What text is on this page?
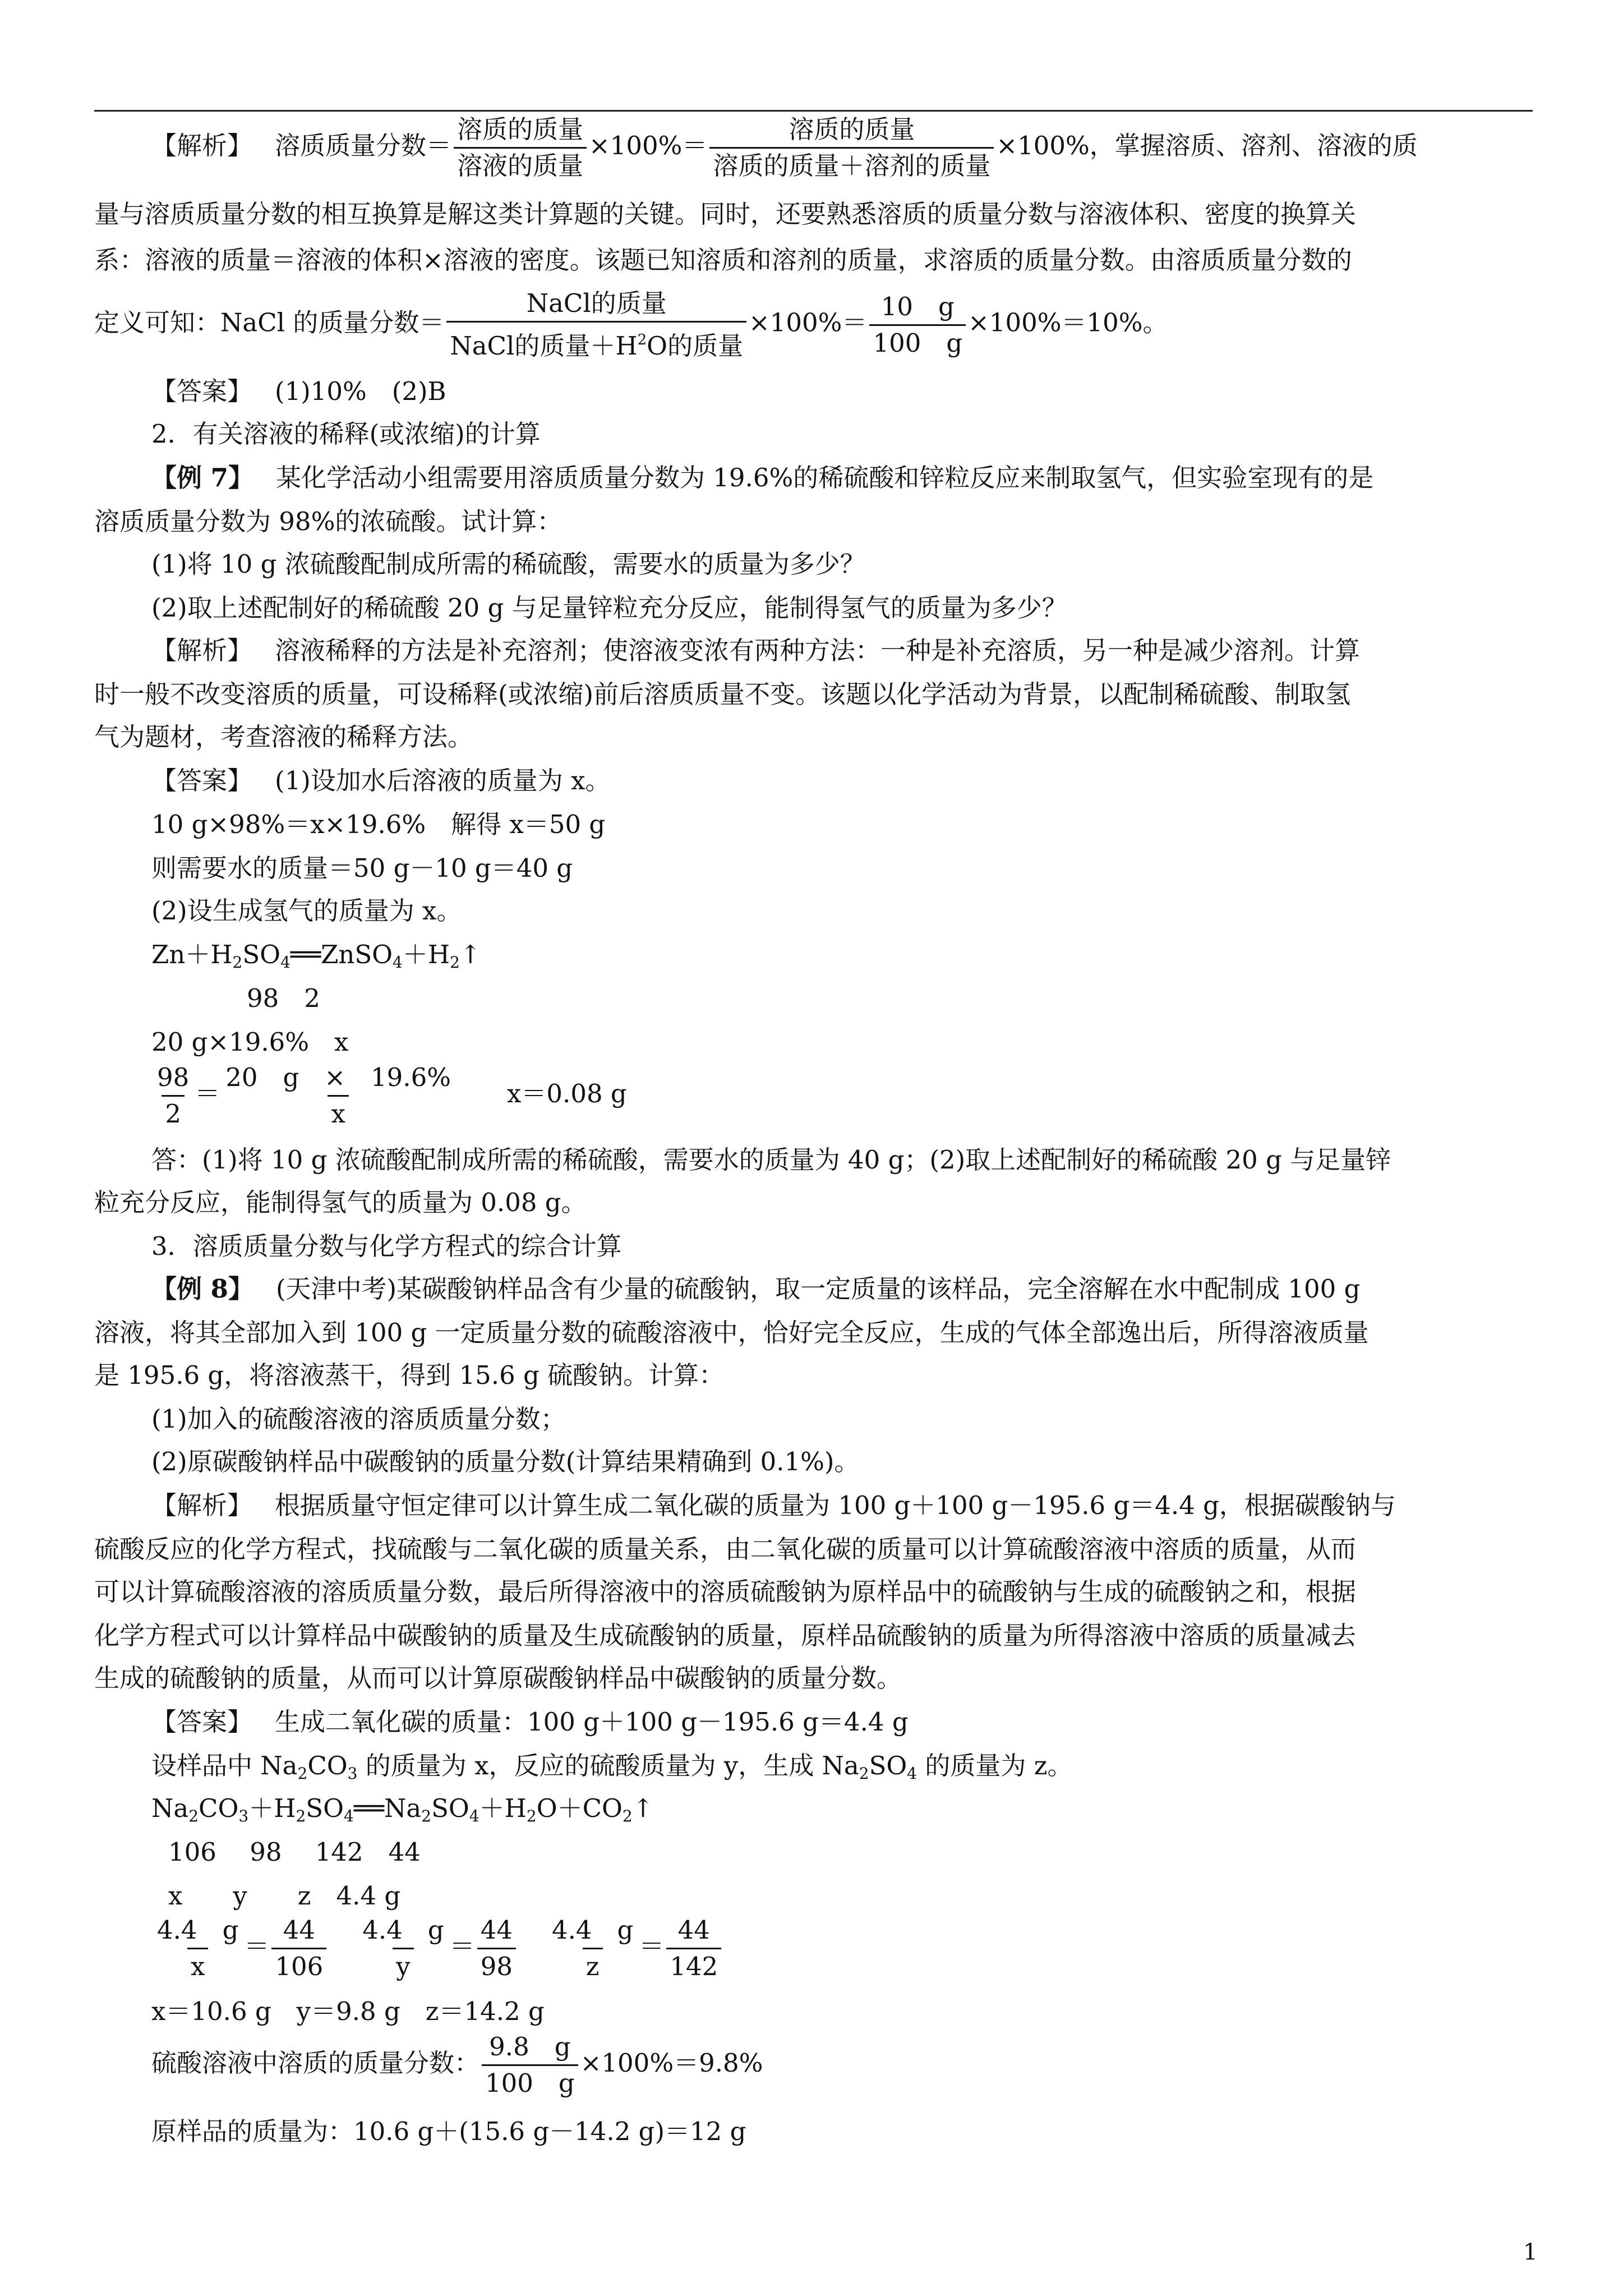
【解析】 溶质质量分数＝ $\frac{\text{溶质的质量}}{\text{溶液的质量}} \times 100\%= \frac{\text{溶质的质量}}{\text{溶质的质量＋溶剂的质量}} \times 100\%$，掌握溶质、溶剂、溶液的质
量与溶质质量分数的相互换算是解这类计算题的关键。同时，还要熟悉溶质的质量分数与溶液体积、密度的换算关
系：溶液的质量＝溶液的体积×溶液的密度。该题已知溶质和溶剂的质量，求溶质的质量分数。由溶质质量分数的
定义可知：NaCl 的质量分数＝ $\frac{\text{NaCl的质量}}{NaCl的质量+H^2O的质量} \times 100\%= \frac{10 g}{100 g} \times 100\%=10\%$。
【答案】 (1)10%　(2)B
2．有关溶液的稀释(或浓缩)的计算
【例 7】 某化学活动小组需要用溶质质量分数为 19.6%的稀硫酸和锌粒反应来制取氢气，但实验室现有的是
溶质质量分数为 98%的浓硫酸。试计算：
(1)将 10 g 浓硫酸配制成所需的稀硫酸，需要水的质量为多少？
(2)取上述配制好的稀硫酸 20 g 与足量锌粒充分反应，能制得氢气的质量为多少？
【解析】 溶液稀释的方法是补充溶剂；使溶液变浓有两种方法：一种是补充溶质，另一种是减少溶剂。计算
时一般不改变溶质的质量，可设稀释(或浓缩)前后溶质质量不变。该题以化学活动为背景，以配制稀硫酸、制取氢
气为题材，考查溶液的稀释方法。
【答案】 (1)设加水后溶液的质量为 x。
10 g×98%＝x×19.6%　解得 x＝50 g
则需要水的质量＝50 g－10 g＝40 g
(2)设生成氢气的质量为 x。
$Zn+H_2SO_4══ZnSO_4+H_2↑$
98　2
20 g×19.6%　x
$\frac{98}{2} = \frac{20 g \times 19.6\%}{x} x=0.08$ g
答：(1)将 10 g 浓硫酸配制成所需的稀硫酸，需要水的质量为 40 g；(2)取上述配制好的稀硫酸 20 g 与足量锌
粒充分反应，能制得氢气的质量为 0.08 g。
3．溶质质量分数与化学方程式的综合计算
【例 8】 (天津中考)某碳酸钠样品含有少量的硫酸钠，取一定质量的该样品，完全溶解在水中配制成 100 g
溶液，将其全部加入到 100 g 一定质量分数的硫酸溶液中，恰好完全反应，生成的气体全部逸出后，所得溶液质量
是 195.6 g，将溶液蒸干，得到 15.6 g 硫酸钠。计算：
(1)加入的硫酸溶液的溶质质量分数；
(2)原碳酸钠样品中碳酸钠的质量分数(计算结果精确到 0.1%)。
【解析】 根据质量守恒定律可以计算生成二氧化碳的质量为 100 g＋100 g－195.6 g＝4.4 g，根据碳酸钠与
硫酸反应的化学方程式，找硫酸与二氧化碳的质量关系，由二氧化碳的质量可以计算硫酸溶液中溶质的质量，从而
可以计算硫酸溶液的溶质质量分数，最后所得溶液中的溶质硫酸钠为原样品中的硫酸钠与生成的硫酸钠之和，根据
化学方程式可以计算样品中碳酸钠的质量及生成硫酸钠的质量，原样品硫酸钠的质量为所得溶液中溶质的质量减去
生成的硫酸钠的质量，从而可以计算原碳酸钠样品中碳酸钠的质量分数。
【答案】 生成二氧化碳的质量：100 g＋100 g－195.6 g＝4.4 g
设样品中 $Na_2CO_3$ 的质量为 x，反应的硫酸质量为 y，生成 $Na_2SO_4$ 的质量为 z。
$Na_2CO_3+H_2SO_4══Na_2SO_4+H_2O+CO_2↑$
106　 98　 142　44
x　　y　　z　4.4 g
$\frac{4.4 g}{x} = \frac{44}{106} \frac{4.4 g}{y} = \frac{44}{98} \frac{4.4 g}{z} = \frac{44}{142}$
x＝10.6 g　y＝9.8 g　z＝14.2 g
硫酸溶液中溶质的质量分数： $\frac{9.8 g}{100 g} \times 100\%=9.8\%$
原样品的质量为：10.6 g＋(15.6 g－14.2 g)＝12 g
1
